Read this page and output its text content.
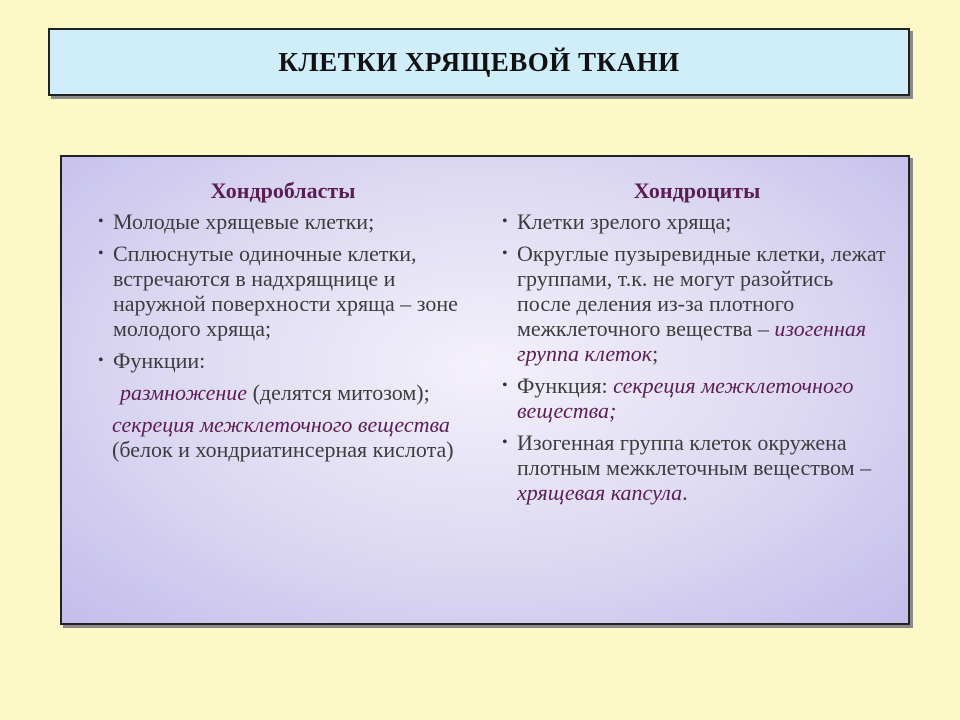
КЛЕТКИ ХРЯЩЕВОЙ ТКАНИ
Хондробласты
• Молодые хрящевые клетки;
• Сплюснутые одиночные клетки, встречаются в надхрящнице и наружной поверхности хряща – зоне молодого хряща;
• Функции:
размножение (делятся митозом);
секреция межклеточного вещества (белок и хондриатинсерная кислота)
Хондроциты
• Клетки зрелого хряща;
• Округлые пузыревидные клетки, лежат группами, т.к. не могут разойтись после деления из-за плотного межклеточного вещества – изогенная группа клеток;
• Функция: секреция межклеточного вещества;
• Изогенная группа клеток окружена плотным межклеточным веществом – хрящевая капсула.
